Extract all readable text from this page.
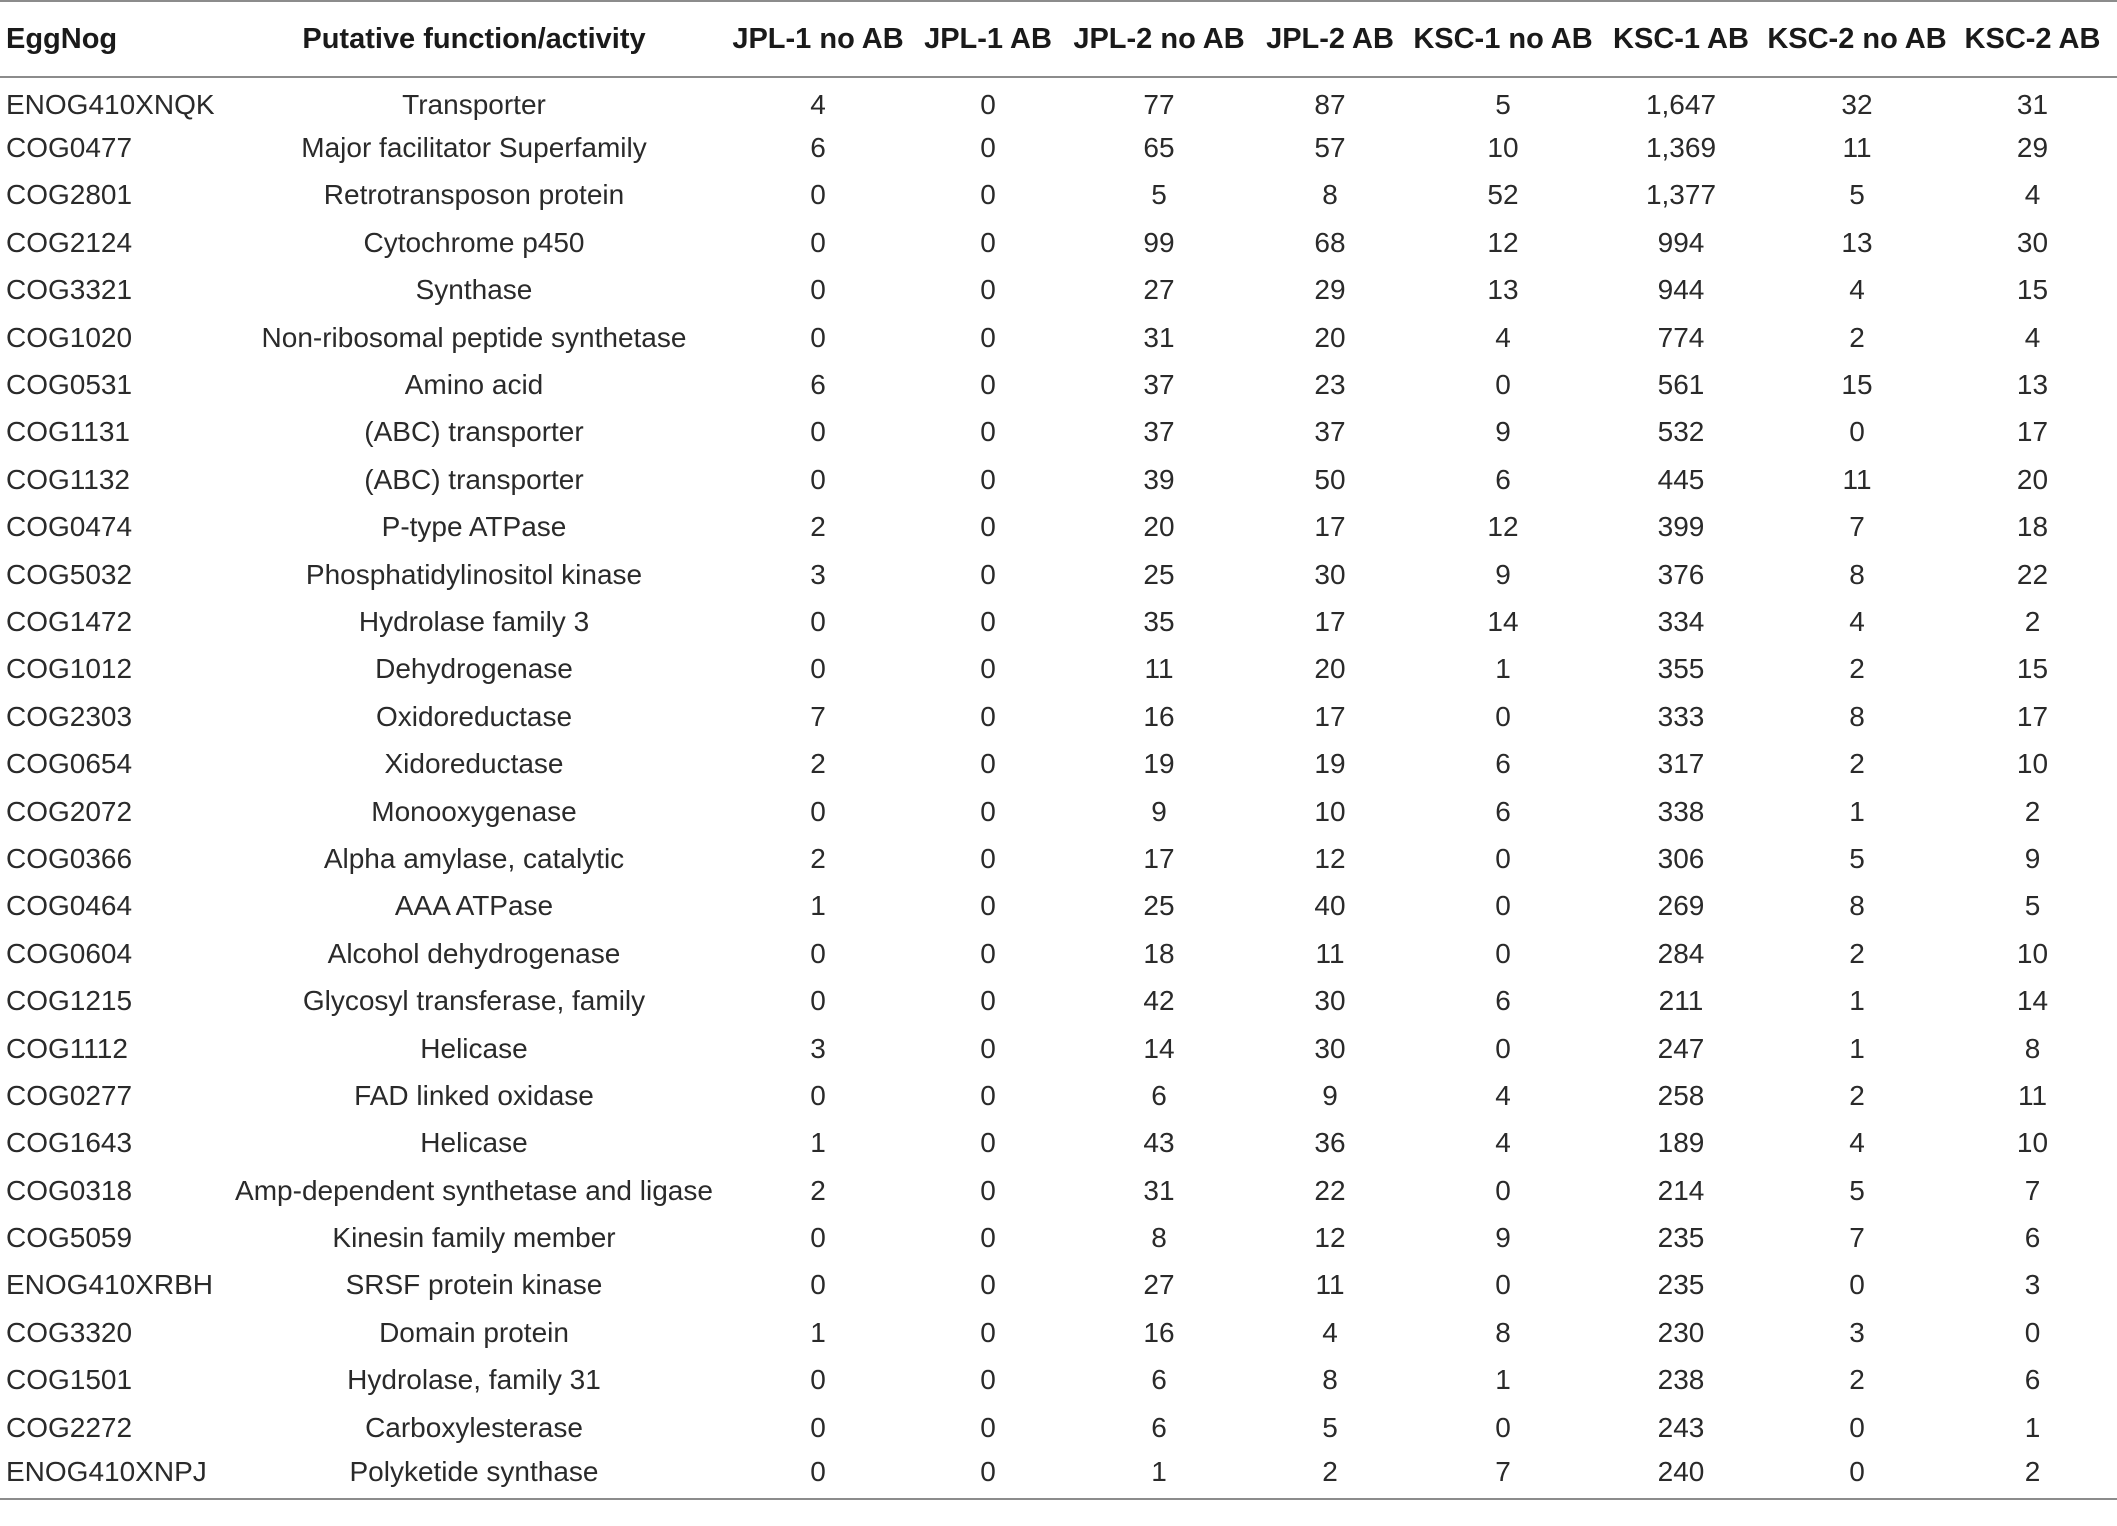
EggNog	Putative function/activity	JPL-1 no AB	JPL-1 AB	JPL-2 no AB	JPL-2 AB	KSC-1 no AB	KSC-1 AB	KSC-2 no AB	KSC-2 AB
ENOG410XNQK	Transporter	4	0	77	87	5	1,647	32	31
COG0477	Major facilitator Superfamily	6	0	65	57	10	1,369	11	29
COG2801	Retrotransposon protein	0	0	5	8	52	1,377	5	4
COG2124	Cytochrome p450	0	0	99	68	12	994	13	30
COG3321	Synthase	0	0	27	29	13	944	4	15
COG1020	Non-ribosomal peptide synthetase	0	0	31	20	4	774	2	4
COG0531	Amino acid	6	0	37	23	0	561	15	13
COG1131	(ABC) transporter	0	0	37	37	9	532	0	17
COG1132	(ABC) transporter	0	0	39	50	6	445	11	20
COG0474	P-type ATPase	2	0	20	17	12	399	7	18
COG5032	Phosphatidylinositol kinase	3	0	25	30	9	376	8	22
COG1472	Hydrolase family 3	0	0	35	17	14	334	4	2
COG1012	Dehydrogenase	0	0	11	20	1	355	2	15
COG2303	Oxidoreductase	7	0	16	17	0	333	8	17
COG0654	Xidoreductase	2	0	19	19	6	317	2	10
COG2072	Monooxygenase	0	0	9	10	6	338	1	2
COG0366	Alpha amylase, catalytic	2	0	17	12	0	306	5	9
COG0464	AAA ATPase	1	0	25	40	0	269	8	5
COG0604	Alcohol dehydrogenase	0	0	18	11	0	284	2	10
COG1215	Glycosyl transferase, family	0	0	42	30	6	211	1	14
COG1112	Helicase	3	0	14	30	0	247	1	8
COG0277	FAD linked oxidase	0	0	6	9	4	258	2	11
COG1643	Helicase	1	0	43	36	4	189	4	10
COG0318	Amp-dependent synthetase and ligase	2	0	31	22	0	214	5	7
COG5059	Kinesin family member	0	0	8	12	9	235	7	6
ENOG410XRBH	SRSF protein kinase	0	0	27	11	0	235	0	3
COG3320	Domain protein	1	0	16	4	8	230	3	0
COG1501	Hydrolase, family 31	0	0	6	8	1	238	2	6
COG2272	Carboxylesterase	0	0	6	5	0	243	0	1
ENOG410XNPJ	Polyketide synthase	0	0	1	2	7	240	0	2
